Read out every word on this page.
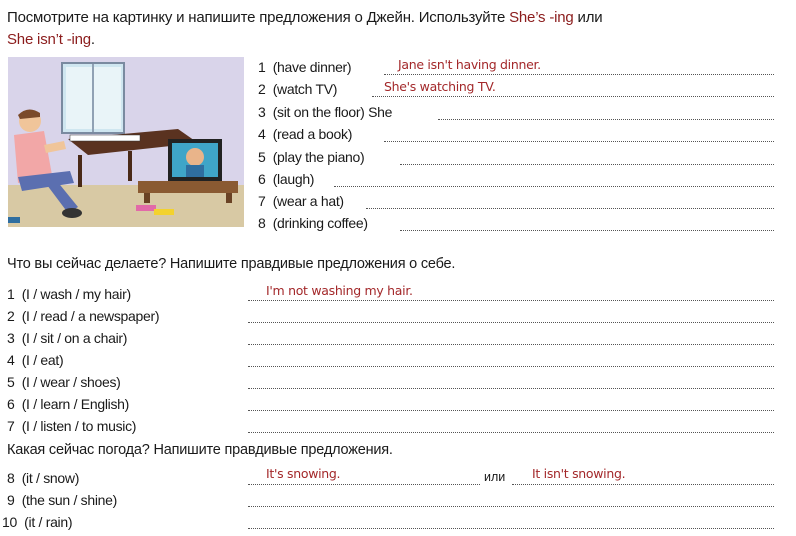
Посмотрите на картинку и напишите предложения о Джейн. Используйте She’s -ing или
She isn’t -ing.
1 (have dinner)	Jane isn't having dinner.
2 (watch TV)	She's watching TV.
3 (sit on the floor) She
4 (read a book)
5 (play the piano)
6 (laugh)
7 (wear a hat)
8 (drinking coffee)
Что вы сейчас делаете? Напишите правдивые предложения о себе.
1 (I / wash / my hair)	I'm not washing my hair.
2 (I / read / a newspaper)
3 (I / sit / on a chair)
4 (I / eat)
5 (I / wear / shoes)
6 (I / learn / English)
7 (I / listen / to music)
Какая сейчас погода? Напишите правдивые предложения.
8 (it / snow)	It's snowing.	или It isn't snowing.
9 (the sun / shine)
10 (it / rain)
